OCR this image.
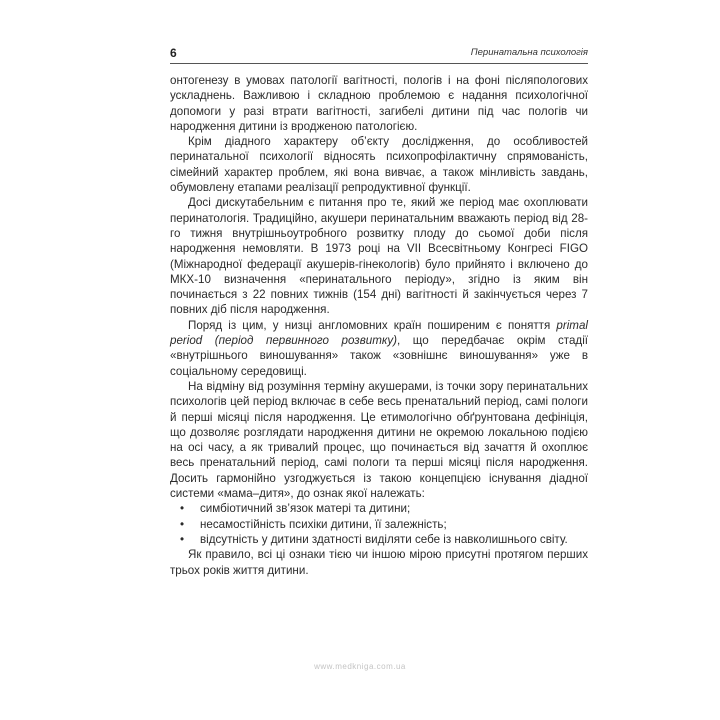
6	Перинатальна психологія

онтогенезу в умовах патології вагітності, пологів і на фоні післяпологових ускладнень. Важливою і складною проблемою є надання психологічної допомоги у разі втрати вагітності, загибелі дитини під час пологів чи народження дитини із вродженою патологією.

Крім діадного характеру об’єкту дослідження, до особливостей перинатальної психології відносять психопрофілактичну спрямованість, сімейний характер проблем, які вона вивчає, а також мінливість завдань, обумовлену етапами реалізації репродуктивної функції.

Досі дискутабельним є питання про те, який же період має охоплювати перинатологія. Традиційно, акушери перинатальним вважають період від 28-го тижня внутрішньоутробного розвитку плоду до сьомої доби після народження немовляти. В 1973 році на VII Всесвітньому Конгресі FIGO (Міжнародної федерації акушерів-гінекологів) було прийнято і включено до МКХ-10 визначення «перинатального періоду», згідно із яким він починається з 22 повних тижнів (154 дні) вагітності й закінчується через 7 повних діб після народження.

Поряд із цим, у низці англомовних країн поширеним є поняття primal period (період первинного розвитку), що передбачає окрім стадії «внутрішнього виношування» також «зовнішнє виношування» уже в соціальному середовищі.

На відміну від розуміння терміну акушерами, із точки зору перинатальних психологів цей період включає в себе весь пренатальний період, самі пологи й перші місяці після народження. Це етимологічно обґрунтована дефініція, що дозволяє розглядати народження дитини не окремою локальною подією на осі часу, а як тривалий процес, що починається від зачаття й охоплює весь пренатальний період, самі пологи та перші місяці після народження. Досить гармонійно узгоджується із такою концепцією існування діадної системи «мама–дитя», до ознак якої належать:

• симбіотичний зв’язок матері та дитини;
• несамостійність психіки дитини, її залежність;
• відсутність у дитини здатності виділяти себе із навколишнього світу.

Як правило, всі ці ознаки тією чи іншою мірою присутні протягом перших трьох років життя дитини.

www.medkniga.com.ua
